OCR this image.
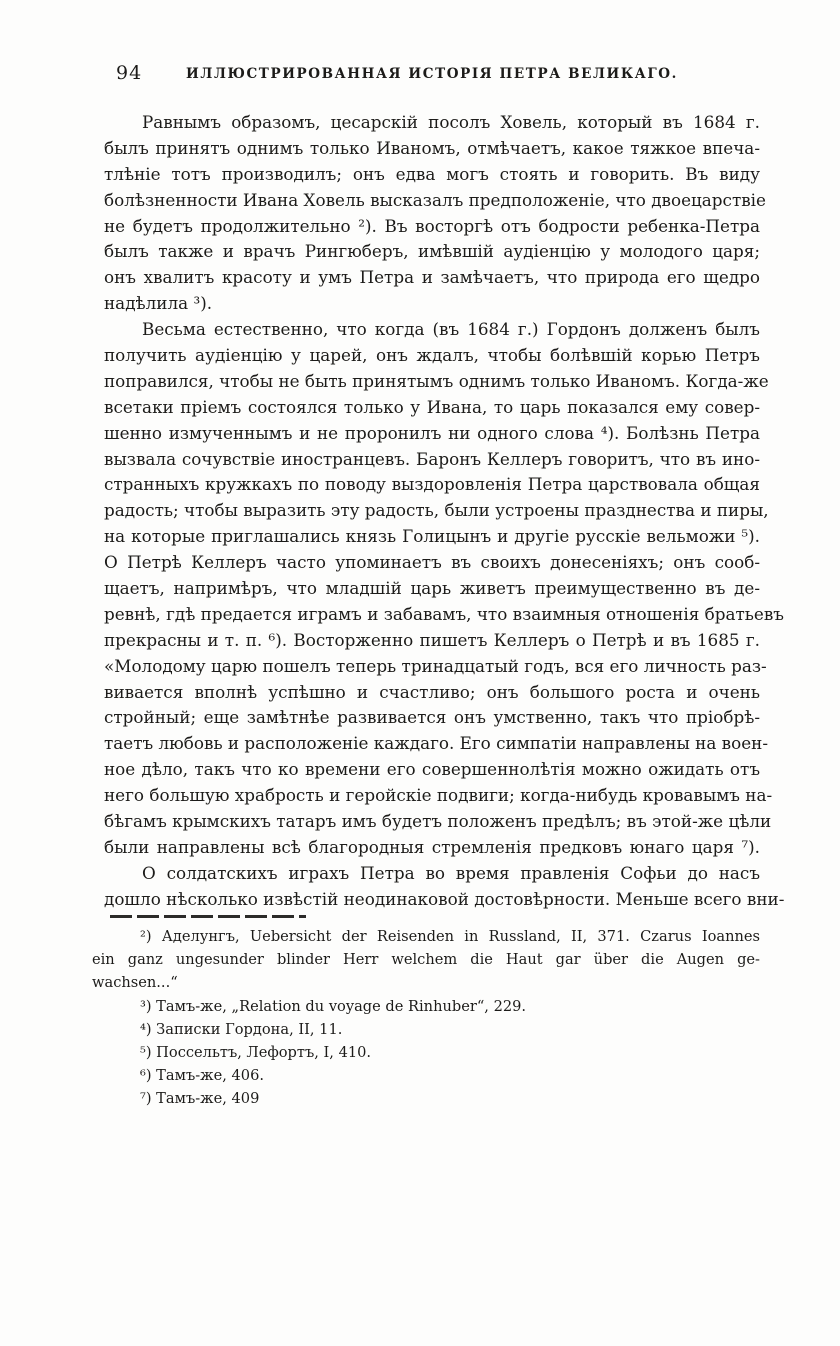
94	ИЛЛЮСТРИРОВАННАЯ ИСТОРІЯ ПЕТРА ВЕЛИКАГО.
Равнымъ образомъ, цесарскій посолъ Ховель, который въ 1684 г.
былъ принятъ однимъ только Иваномъ, отмѣчаетъ, какое тяжкое впеча-
тлѣніе тотъ производилъ; онъ едва могъ стоять и говорить. Въ виду
болѣзненности Ивана Ховель высказалъ предположеніе, что двоецарствіе
не будетъ продолжительно ²). Въ восторгѣ отъ бодрости ребенка-Петра
былъ также и врачъ Рингюберъ, имѣвшій аудіенцію у молодого царя;
онъ хвалитъ красоту и умъ Петра и замѣчаетъ, что природа его щедро
надѣлила ³).
Весьма естественно, что когда (въ 1684 г.) Гордонъ долженъ былъ
получить аудіенцію у царей, онъ ждалъ, чтобы болѣвшій корью Петръ
поправился, чтобы не быть принятымъ однимъ только Иваномъ. Когда-же
всетаки пріемъ состоялся только у Ивана, то царь показался ему совер-
шенно измученнымъ и не проронилъ ни одного слова ⁴). Болѣзнь Петра
вызвала сочувствіе иностранцевъ. Баронъ Келлеръ говоритъ, что въ ино-
странныхъ кружкахъ по поводу выздоровленія Петра царствовала общая
радость; чтобы выразить эту радость, были устроены празднества и пиры,
на которые приглашались князь Голицынъ и другіе русскіе вельможи ⁵).
О Петрѣ Келлеръ часто упоминаетъ въ своихъ донесеніяхъ; онъ сооб-
щаетъ, напримѣръ, что младшій царь живетъ преимущественно въ де-
ревнѣ, гдѣ предается играмъ и забавамъ, что взаимныя отношенія братьевъ
прекрасны и т. п. ⁶). Восторженно пишетъ Келлеръ о Петрѣ и въ 1685 г.
«Молодому царю пошелъ теперь тринадцатый годъ, вся его личность раз-
вивается вполнѣ успѣшно и счастливо; онъ большого роста и очень
стройный; еще замѣтнѣе развивается онъ умственно, такъ что пріобрѣ-
таетъ любовь и расположеніе каждаго. Его симпатіи направлены на воен-
ное дѣло, такъ что ко времени его совершеннолѣтія можно ожидать отъ
него большую храбрость и геройскіе подвиги; когда-нибудь кровавымъ на-
бѣгамъ крымскихъ татаръ имъ будетъ положенъ предѣлъ; въ этой-же цѣли
были направлены всѣ благородныя стремленія предковъ юнаго царя ⁷).
О солдатскихъ играхъ Петра во время правленія Софьи до насъ
дошло нѣсколько извѣстій неодинаковой достовѣрности. Меньше всего вни-
²) Аделунгъ, Uebersicht der Reisenden in Russland, II, 371. Czarus Ioannes
ein ganz ungesunder blinder Herr welchem die Haut gar über die Augen ge-
wachsen...“
³) Тамъ-же, „Relation du voyage de Rinhuber“, 229.
⁴) Записки Гордона, II, 11.
⁵) Поссельтъ, Лефортъ, I, 410.
⁶) Тамъ-же, 406.
⁷) Тамъ-же, 409
